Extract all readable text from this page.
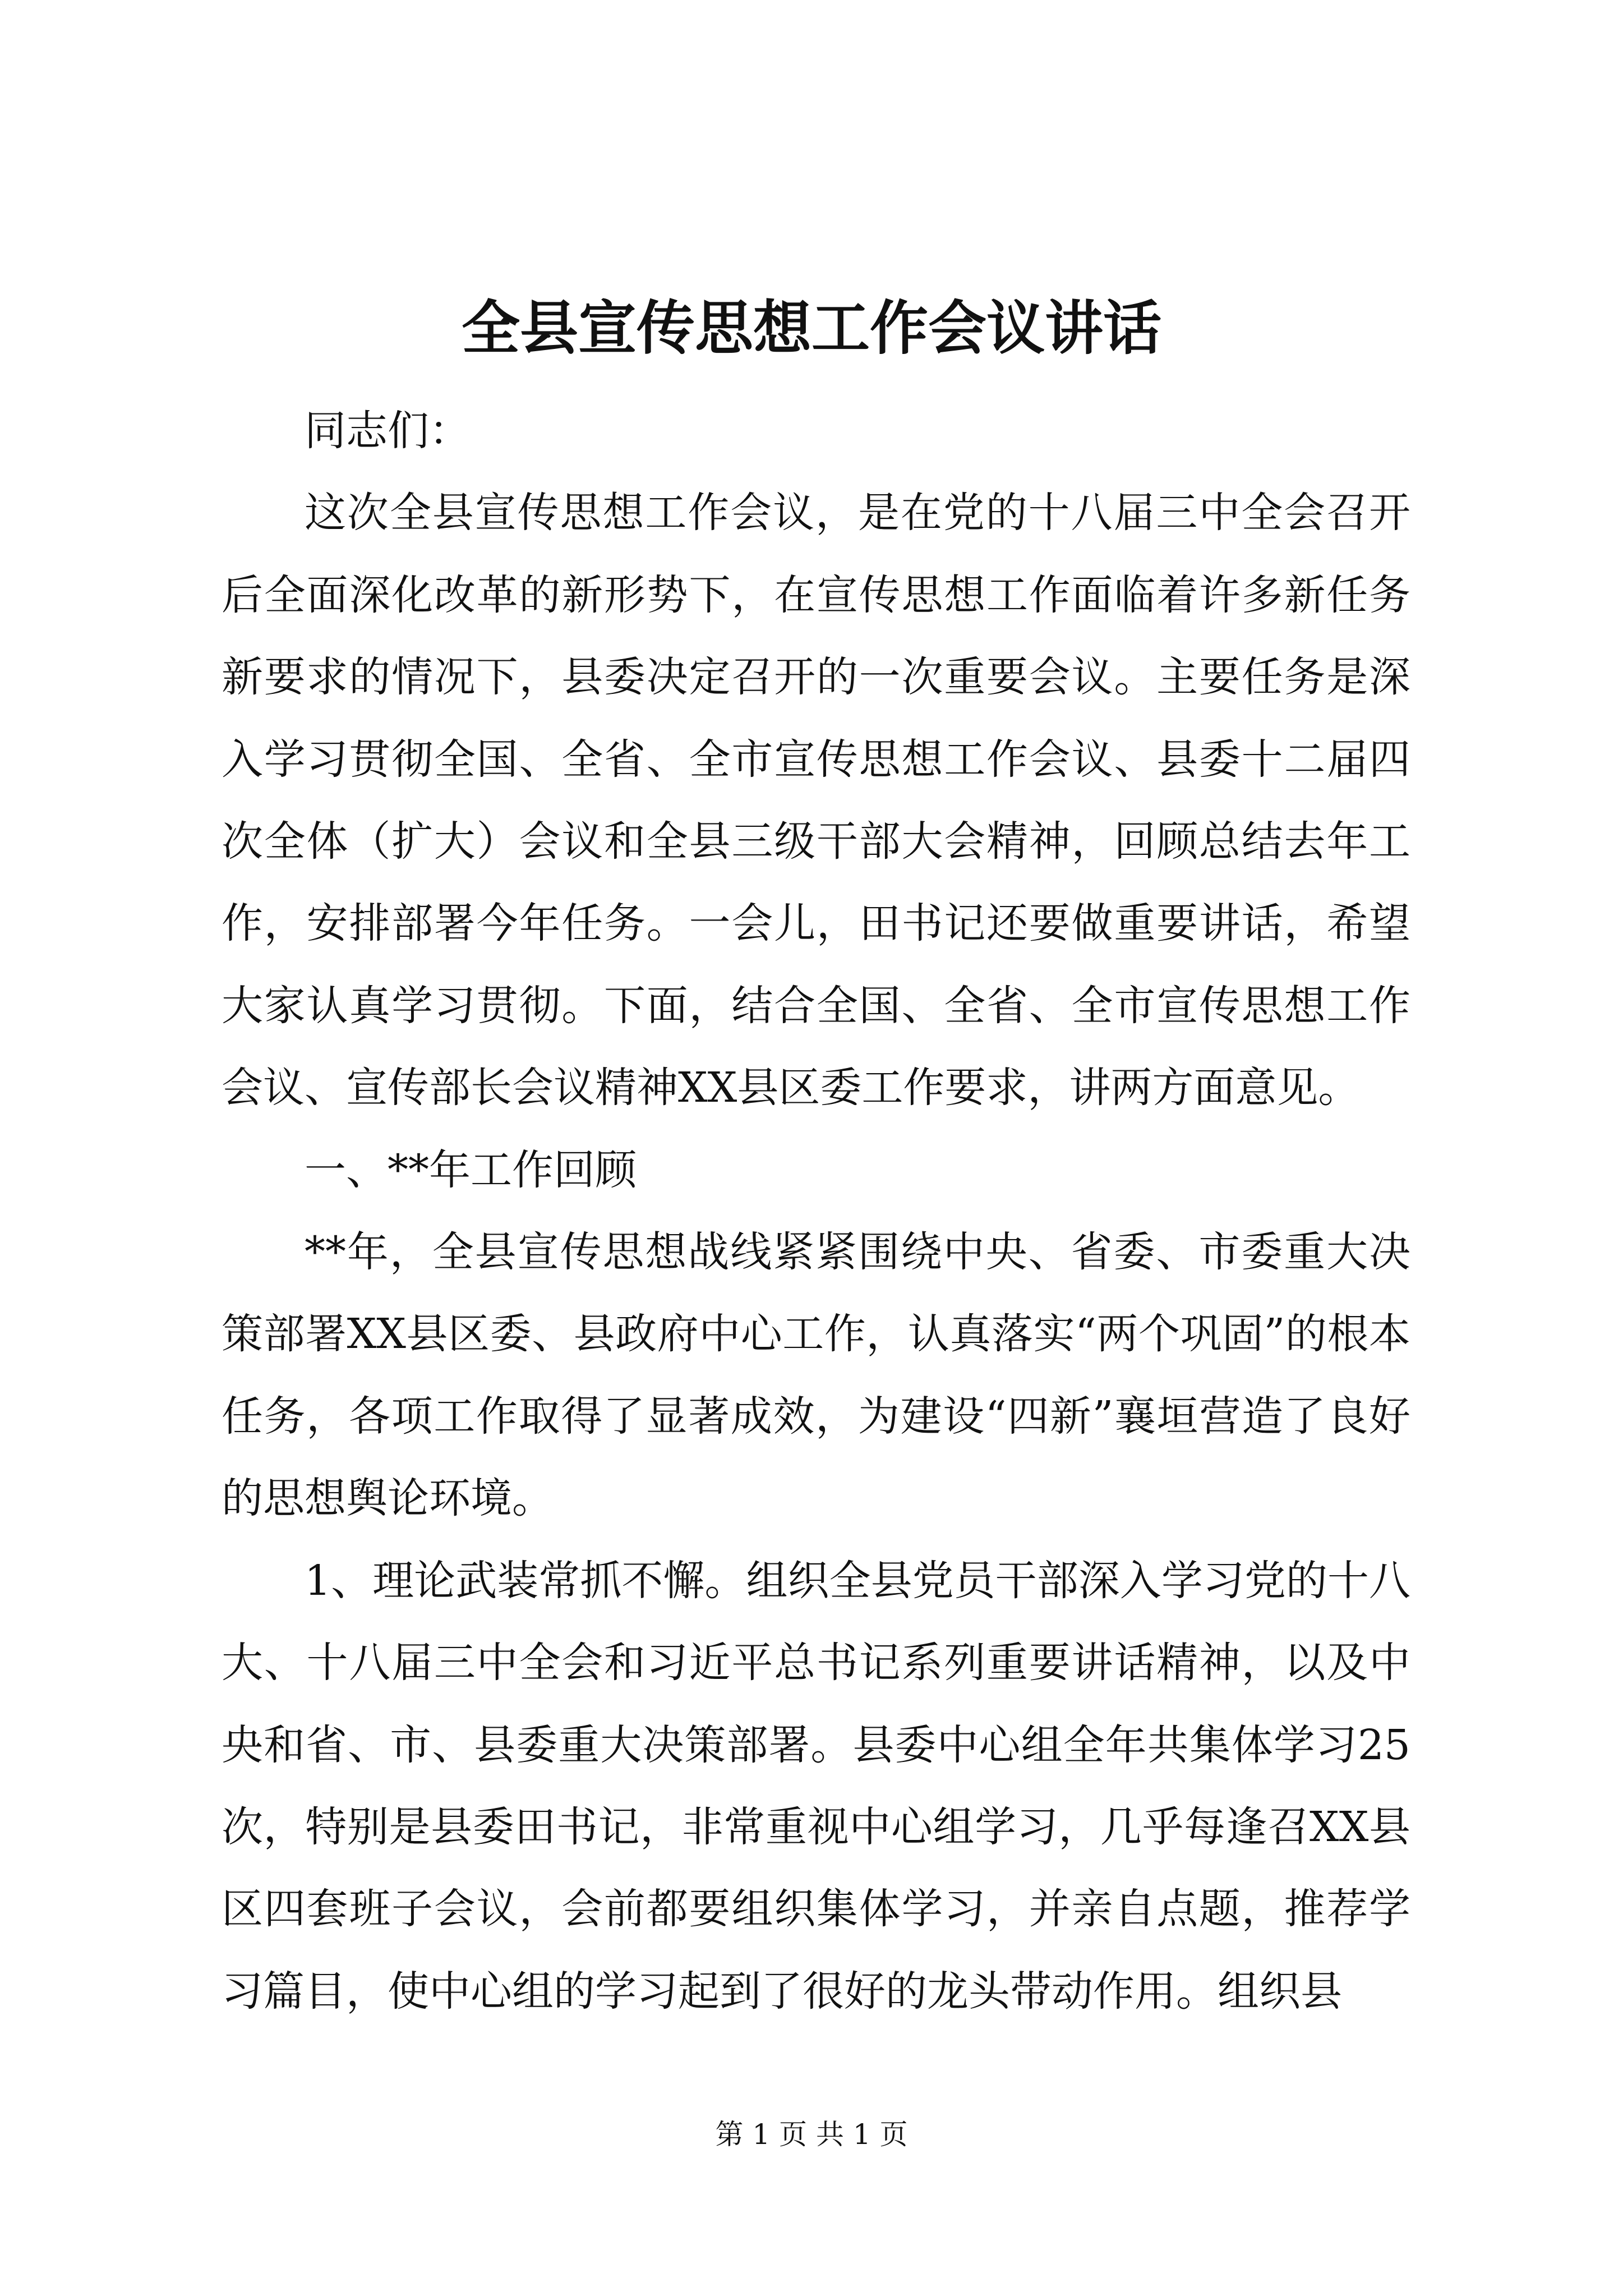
全县宣传思想工作会议讲话

同志们：

这次全县宣传思想工作会议，是在党的十八届三中全会召开后全面深化改革的新形势下，在宣传思想工作面临着许多新任务新要求的情况下，县委决定召开的一次重要会议。主要任务是深入学习贯彻全国、全省、全市宣传思想工作会议、县委十二届四次全体（扩大）会议和全县三级干部大会精神，回顾总结去年工作，安排部署今年任务。一会儿，田书记还要做重要讲话，希望大家认真学习贯彻。下面，结合全国、全省、全市宣传思想工作会议、宣传部长会议精神XX县区委工作要求，讲两方面意见。

一、**年工作回顾

**年，全县宣传思想战线紧紧围绕中央、省委、市委重大决策部署XX县区委、县政府中心工作，认真落实“两个巩固”的根本任务，各项工作取得了显著成效，为建设“四新”襄垣营造了良好的思想舆论环境。

1、理论武装常抓不懈。组织全县党员干部深入学习党的十八大、十八届三中全会和习近平总书记系列重要讲话精神，以及中央和省、市、县委重大决策部署。县委中心组全年共集体学习25次，特别是县委田书记，非常重视中心组学习，几乎每逢召XX县区四套班子会议，会前都要组织集体学习，并亲自点题，推荐学习篇目，使中心组的学习起到了很好的龙头带动作用。组织县

第 1 页 共 1 页
